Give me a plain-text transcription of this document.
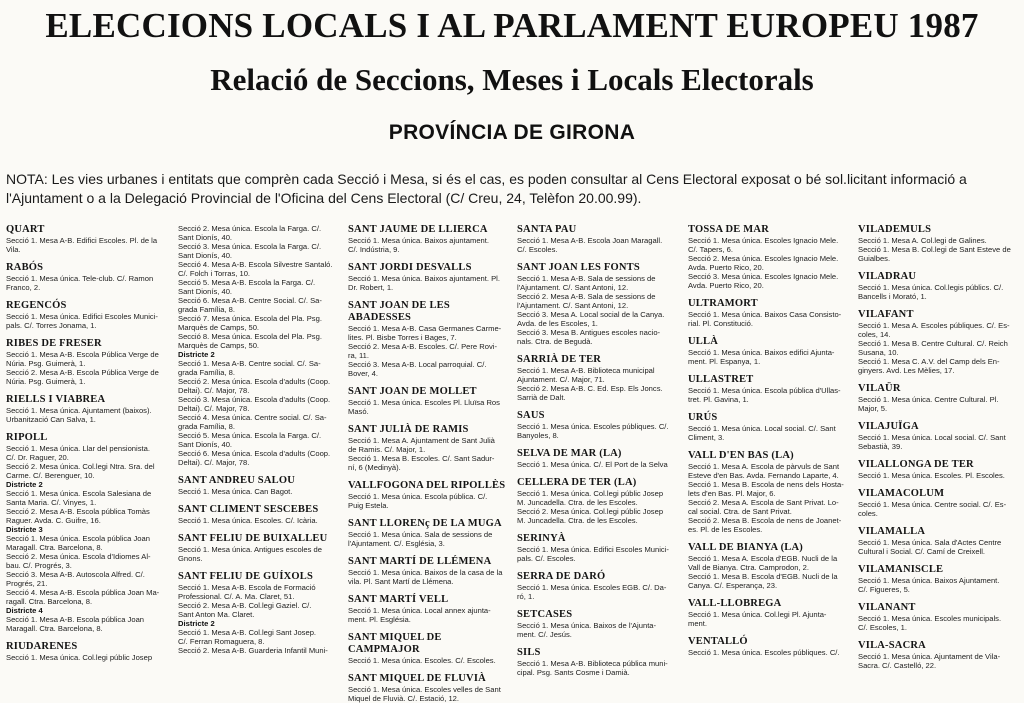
ELECCIONS LOCALS I AL PARLAMENT EUROPEU 1987
Relació de Seccions, Meses i Locals Electorals
PROVÍNCIA DE GIRONA
NOTA: Les vies urbanes i entitats que comprèn cada Secció i Mesa, si és el cas, es poden consultar al Cens Electoral exposat o bé sol.licitant informació a l'Ajuntament o a la Delegació Provincial de l'Oficina del Cens Electoral (C/ Creu, 24, Telèfon 20.00.99).
QUART
Secció 1. Mesa A-B. Edifici Escoles. Pl. de la
Vila.
RABÓS
Secció 1. Mesa única. Tele-club. C/. Ramon
Franco, 2.
REGENCÓS
Secció 1. Mesa única. Edifici Escoles Munici-
pals. C/. Torres Jonama, 1.
RIBES DE FRESER
Secció 1. Mesa A-B. Escola Pública Verge de
Núria. Psg. Guimerà, 1.
Secció 2. Mesa A-B. Escola Pública Verge de
Núria. Psg. Guimerà, 1.
RIELLS I VIABREA
Secció 1. Mesa única. Ajuntament (baixos).
Urbanització Can Salva, 1.
RIPOLL
Secció 1. Mesa única. Llar del pensionista.
C/. Dr. Raguer, 20.
Secció 2. Mesa única. Col.legi Ntra. Sra. del
Carme. C/. Berenguer, 10.
Districte 2
Secció 1. Mesa única. Escola Salesiana de
Santa Maria. C/. Vinyes, 1.
Secció 2. Mesa A-B. Escola pública Tomàs
Raguer. Avda. C. Guifre, 16.
Districte 3
Secció 1. Mesa única. Escola pública Joan
Maragall. Ctra. Barcelona, 8.
Secció 2. Mesa única. Escola d'Idiomes Al-
bau. C/. Progrés, 3.
Secció 3. Mesa A-B. Autoscola Alfred. C/.
Progrés, 21.
Secció 4. Mesa A-B. Escola pública Joan Ma-
ragall. Ctra. Barcelona, 8.
Districte 4
Secció 1. Mesa A-B. Escola pública Joan
Maragall. Ctra. Barcelona, 8.
RIUDARENES
Secció 1. Mesa única. Col.legi públic Josep
Secció 2. Mesa única. Escola la Farga. C/.
Sant Dionís, 40.
Secció 3. Mesa única. Escola la Farga. C/.
Sant Dionís, 40.
Secció 4. Mesa A-B. Escola Silvestre Santaló.
C/. Folch i Torras, 10.
Secció 5. Mesa A-B. Escola la Farga. C/.
Sant Dionís, 40.
Secció 6. Mesa A-B. Centre Social. C/. Sa-
grada Família, 8.
Secció 7. Mesa única. Escola del Pla. Psg.
Marquès de Camps, 50.
Secció 8. Mesa única. Escola del Pla. Psg.
Marquès de Camps, 50.
Districte 2
Secció 1. Mesa A-B. Centre social. C/. Sa-
grada Família, 8.
Secció 2. Mesa única. Escola d'adults (Coop.
Deltai). C/. Major, 78.
Secció 3. Mesa única. Escola d'adults (Coop.
Deltai). C/. Major, 78.
Secció 4. Mesa única. Centre social. C/. Sa-
grada Família, 8.
Secció 5. Mesa única. Escola la Farga. C/.
Sant Dionís, 40.
Secció 6. Mesa única. Escola d'adults (Coop.
Deltai). C/. Major, 78.
SANT ANDREU SALOU
Secció 1. Mesa única. Can Bagot.
SANT CLIMENT SESCEBES
Secció 1. Mesa única. Escoles. C/. Icària.
SANT FELIU DE BUIXALLEU
Secció 1. Mesa única. Antigues escoles de
Gnons.
SANT FELIU DE GUÍXOLS
Secció 1. Mesa A-B. Escola de Formació
Professional. C/. A. Ma. Claret, 51.
Secció 2. Mesa A-B. Col.legi Gaziel. C/.
Sant Anton Ma. Claret.
Districte 2
Secció 1. Mesa A-B. Col.legi Sant Josep.
C/. Ferran Romaguera, 8.
Secció 2. Mesa A-B. Guarderia Infantil Muni-
SANT JAUME DE LLIERCA
Secció 1. Mesa única. Baixos ajuntament.
C/. Indústria, 9.
SANT JORDI DESVALLS
Secció 1. Mesa única. Baixos ajuntament. Pl.
Dr. Robert, 1.
SANT JOAN DE LES ABADESSES
Secció 1. Mesa A-B. Casa Germanes Carme-
lites. Pl. Bisbe Torres i Bages, 7.
Secció 2. Mesa A-B. Escoles. C/. Pere Rovi-
ra, 11.
Secció 3. Mesa A-B. Local parroquial. C/.
Bover, 4.
SANT JOAN DE MOLLET
Secció 1. Mesa única. Escoles Pl. Lluïsa Ros
Masó.
SANT JULIÀ DE RAMIS
Secció 1. Mesa A. Ajuntament de Sant Julià
de Ramis. C/. Major, 1.
Secció 1. Mesa B. Escoles. C/. Sant Sadur-
ní, 6 (Medinyà).
VALLFOGONA DEL RIPOLLÈS
Secció 1. Mesa única. Escola pública. C/.
Puig Estela.
SANT LLORENç DE LA MUGA
Secció 1. Mesa única. Sala de sessions de
l'Ajuntament. C/. Església, 3.
SANT MARTÍ DE LLÉMENA
Secció 1. Mesa única. Baixos de la casa de la
vila. Pl. Sant Martí de Llémena.
SANT MARTÍ VELL
Secció 1. Mesa única. Local annex ajunta-
ment. Pl. Església.
SANT MIQUEL DE CAMPMAJOR
Secció 1. Mesa única. Escoles. C/. Escoles.
SANT MIQUEL DE FLUVIÀ
Secció 1. Mesa única. Escoles velles de Sant
Miquel de Fluvià. C/. Estació, 12.
SANTA PAU
Secció 1. Mesa A-B. Escola Joan Maragall.
C/. Escoles.
SANT JOAN LES FONTS
Secció 1. Mesa A-B. Sala de sessions de
l'Ajuntament. C/. Sant Antoni, 12.
Secció 2. Mesa A-B. Sala de sessions de
l'Ajuntament. C/. Sant Antoni, 12.
Secció 3. Mesa A. Local social de la Canya.
Avda. de les Escoles, 1.
Secció 3. Mesa B. Antigues escoles nacio-
nals. Ctra. de Begudà.
SARRIÀ DE TER
Secció 1. Mesa A-B. Biblioteca municipal
Ajuntament. C/. Major, 71.
Secció 2. Mesa A-B. C. Ed. Esp. Els Joncs.
Sarrià de Dalt.
SAUS
Secció 1. Mesa única. Escoles públiques. C/.
Banyoles, 8.
SELVA DE MAR (LA)
Secció 1. Mesa única. C/. El Port de la Selva
CELLERA DE TER (LA)
Secció 1. Mesa única. Col.legi públic Josep
M. Juncadella. Ctra. de les Escoles.
Secció 2. Mesa única. Col.legi públic Josep
M. Juncadella. Ctra. de les Escoles.
SERINYÀ
Secció 1. Mesa única. Edifici Escoles Munici-
pals. C/. Escoles.
SERRA DE DARÓ
Secció 1. Mesa única. Escoles EGB. C/. Da-
ró, 1.
SETCASES
Secció 1. Mesa única. Baixos de l'Ajunta-
ment. C/. Jesús.
SILS
Secció 1. Mesa A-B. Biblioteca pública muni-
cipal. Psg. Sants Cosme i Damià.
TOSSA DE MAR
Secció 1. Mesa única. Escoles Ignacio Mele.
C/. Tapers, 6.
Secció 2. Mesa única. Escoles Ignacio Mele.
Avda. Puerto Rico, 20.
Secció 3. Mesa única. Escoles Ignacio Mele.
Avda. Puerto Rico, 20.
ULTRAMORT
Secció 1. Mesa única. Baixos Casa Consisto-
rial. Pl. Constitució.
ULLÀ
Secció 1. Mesa única. Baixos edifici Ajunta-
ment. Pl. Espanya, 1.
ULLASTRET
Secció 1. Mesa única. Escola pública d'Ullas-
tret. Pl. Gavina, 1.
URÚS
Secció 1. Mesa única. Local social. C/. Sant
Climent, 3.
VALL D'EN BAS (LA)
Secció 1. Mesa A. Escola de pàrvuls de Sant
Esteve d'en Bas. Avda. Fernando Laparte, 4.
Secció 1. Mesa B. Escola de nens dels Hosta-
lets d'en Bas. Pl. Major, 6.
Secció 2. Mesa A. Escola de Sant Privat. Lo-
cal social. Ctra. de Sant Privat.
Secció 2. Mesa B. Escola de nens de Joanet-
es. Pl. de les Escoles.
VALL DE BIANYA (LA)
Secció 1. Mesa A. Escola d'EGB. Nucli de la
Vall de Bianya. Ctra. Camprodon, 2.
Secció 1. Mesa B. Escola d'EGB. Nucli de la
Canya. C/. Esperança, 23.
VALL-LLOBREGA
Secció 1. Mesa única. Col.legi Pl. Ajunta-
ment.
VENTALLÓ
Secció 1. Mesa única. Escoles públiques. C/.
VILADEMULS
Secció 1. Mesa A. Col.legi de Galines.
Secció 1. Mesa B. Col.legi de Sant Esteve de
Guialbes.
VILADRAU
Secció 1. Mesa única. Col.legis públics. C/.
Bancells i Morató, 1.
VILAFANT
Secció 1. Mesa A. Escoles públiques. C/. Es-
coles, 14.
Secció 1. Mesa B. Centre Cultural. C/. Reich
Susana, 10.
Secció 1. Mesa C. A.V. del Camp dels En-
ginyers. Avd. Les Mèlies, 17.
VILAÜR
Secció 1. Mesa única. Centre Cultural. Pl.
Major, 5.
VILAJUÏGA
Secció 1. Mesa única. Local social. C/. Sant
Sebastià, 39.
VILALLONGA DE TER
Secció 1. Mesa única. Escoles. Pl. Escoles.
VILAMACOLUM
Secció 1. Mesa única. Centre social. C/. Es-
coles.
VILAMALLA
Secció 1. Mesa única. Sala d'Actes Centre
Cultural i Social. C/. Camí de Creixell.
VILAMANISCLE
Secció 1. Mesa única. Baixos Ajuntament.
C/. Figueres, 5.
VILANANT
Secció 1. Mesa única. Escoles municipals.
C/. Escoles, 1.
VILA-SACRA
Secció 1. Mesa única. Ajuntament de Vila-
Sacra. C/. Castelló, 22.
